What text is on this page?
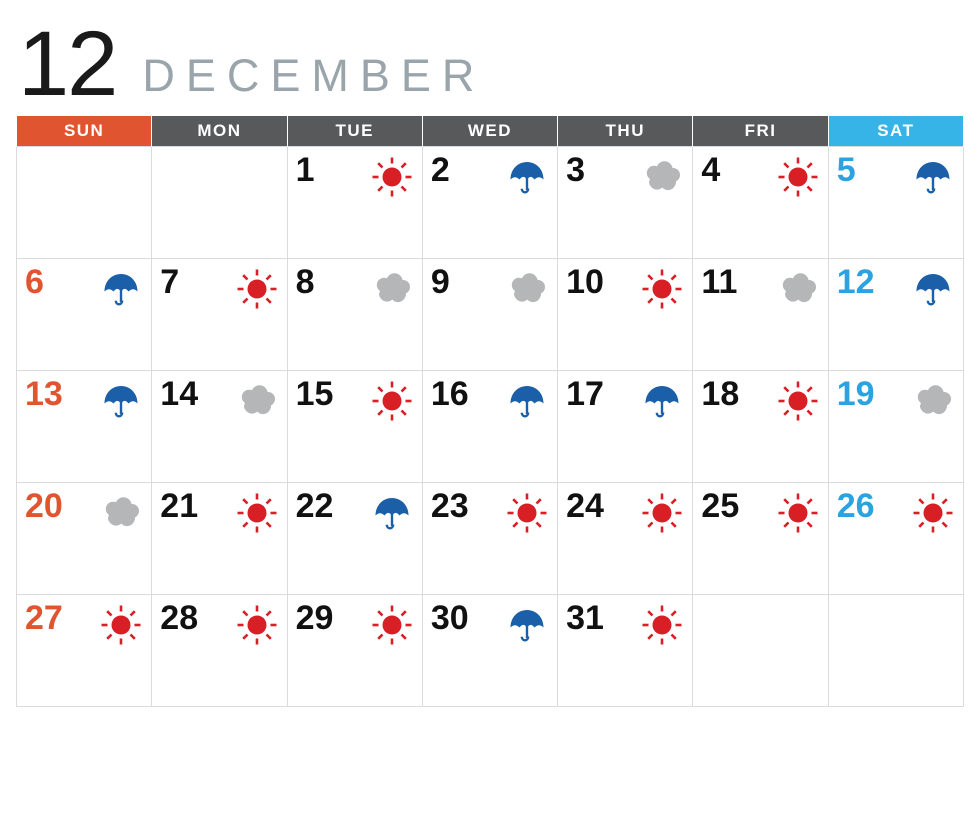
12 DECEMBER
SUN	MON	TUE	WED	THU	FRI	SAT

		1	2	3	4	5

6	7	8	9	10	11	12

13	14	15	16	17	18	19

20	21	22	23	24	25	26

27	28	29	30	31		
